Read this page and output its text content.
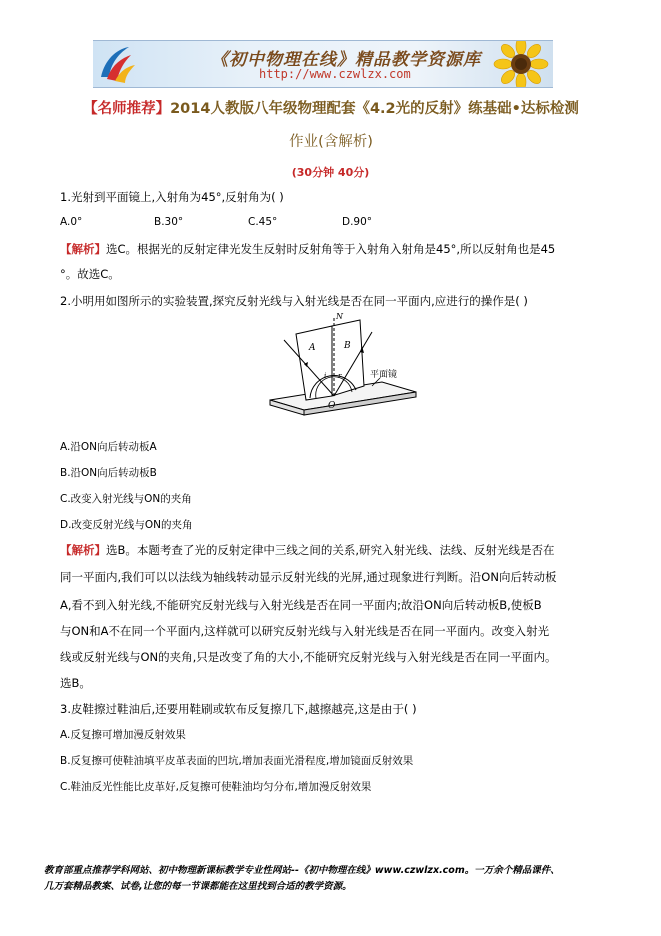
《初中物理在线》精品教学资源库
http://www.czwlzx.com
【名师推荐】2014人教版八年级物理配套《4.2光的反射》练基础•达标检测
作业(含解析)
(30分钟 40分)
1.光射到平面镜上,入射角为45°,反射角为( )
A.0°	B.30°	C.45°	D.90°
【解析】选C。根据光的反射定律光发生反射时反射角等于入射角入射角是45°,所以反射角也是45
°。故选C。
2.小明用如图所示的实验装置,探究反射光线与入射光线是否在同一平面内,应进行的操作是( )
N
A	B
O
i r	平面镜
A.沿ON向后转动板A
B.沿ON向后转动板B
C.改变入射光线与ON的夹角
D.改变反射光线与ON的夹角
【解析】选B。本题考查了光的反射定律中三线之间的关系,研究入射光线、法线、反射光线是否在
同一平面内,我们可以以法线为轴线转动显示反射光线的光屏,通过现象进行判断。沿ON向后转动板
A,看不到入射光线,不能研究反射光线与入射光线是否在同一平面内;故沿ON向后转动板B,使板B
与ON和A不在同一个平面内,这样就可以研究反射光线与入射光线是否在同一平面内。改变入射光
线或反射光线与ON的夹角,只是改变了角的大小,不能研究反射光线与入射光线是否在同一平面内。
选B。
3.皮鞋擦过鞋油后,还要用鞋刷或软布反复擦几下,越擦越亮,这是由于( )
A.反复擦可增加漫反射效果
B.反复擦可使鞋油填平皮革表面的凹坑,增加表面光滑程度,增加镜面反射效果
C.鞋油反光性能比皮革好,反复擦可使鞋油均匀分布,增加漫反射效果
教育部重点推荐学科网站、初中物理新课标教学专业性网站--《初中物理在线》www.czwlzx.com。一万余个精品课件、
几万套精品教案、试卷,让您的每一节课都能在这里找到合适的教学资源。
